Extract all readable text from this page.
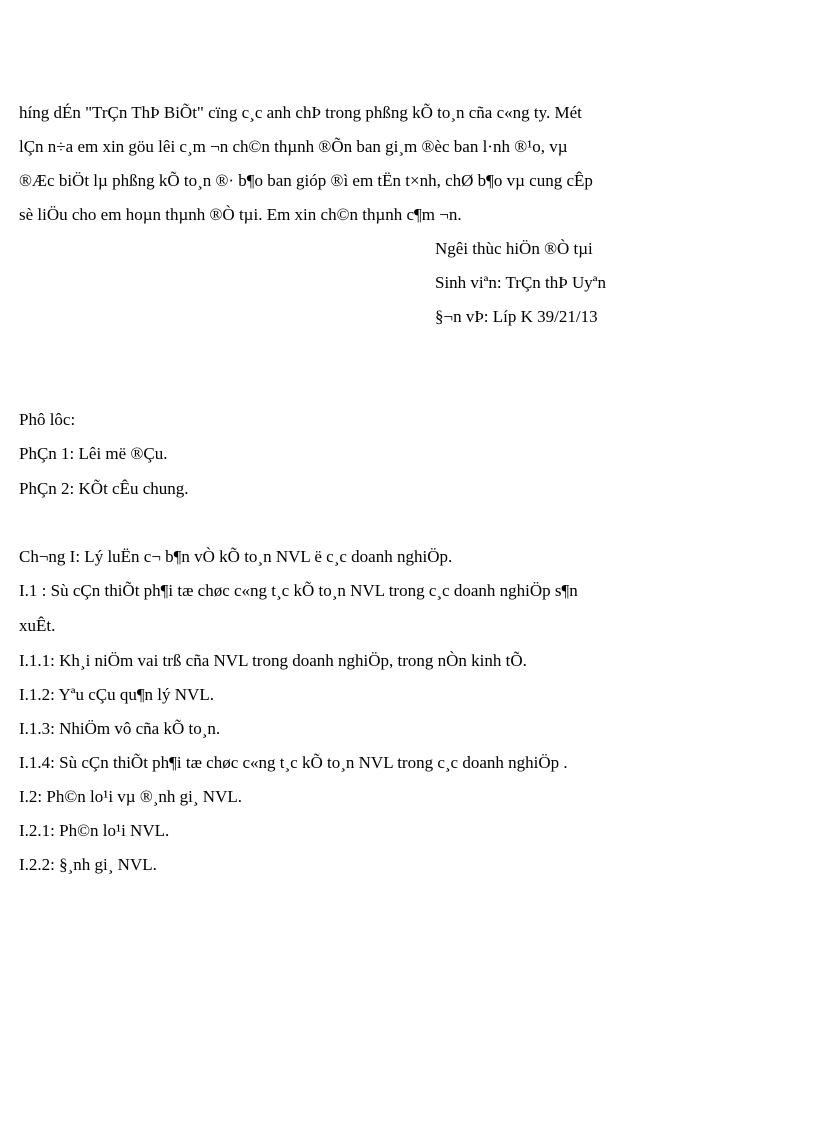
híng dÉn "TrÇn ThÞ BiÕt" cïng c¸c anh chÞ trong phßng kÕ to¸n cña c«ng ty. Mét
lÇn n÷a em xin göu lêi c¸m ¬n ch©n thµnh ®Õn ban gi¸m ®èc ban l·nh ®¹o, vµ
®Æc biÖt lµ phßng kÕ to¸n ®· b¶o ban gióp ®ì em tËn t×nh, chØ b¶o vµ cung cÊp
sè liÖu cho em hoµn thµnh ®Ò tµi. Em xin ch©n thµnh c¶m ¬n.
Ngêi thùc hiÖn ®Ò tµi
Sinh viªn: TrÇn thÞ Uyªn
§¬n vÞ: Líp K 39/21/13
Phô lôc:
PhÇn 1: Lêi më ®Çu.
PhÇn 2: KÕt cÊu chung.
Ch¬ng I: Lý luËn c¬ b¶n vÒ kÕ to¸n NVL ë c¸c doanh nghiÖp.
I.1 : Sù cÇn thiÕt ph¶i tæ chøc c«ng t¸c kÕ to¸n NVL trong c¸c doanh nghiÖp s¶n
xuÊt.
I.1.1: Kh¸i niÖm vai trß cña NVL trong doanh nghiÖp, trong nÒn kinh tÕ.
I.1.2: Yªu cÇu qu¶n lý NVL.
I.1.3: NhiÖm vô cña kÕ to¸n.
I.1.4: Sù cÇn thiÕt ph¶i tæ chøc c«ng t¸c kÕ to¸n NVL trong c¸c doanh nghiÖp .
I.2: Ph©n lo¹i vµ ®¸nh gi¸ NVL.
I.2.1: Ph©n lo¹i NVL.
I.2.2: §¸nh gi¸ NVL.
